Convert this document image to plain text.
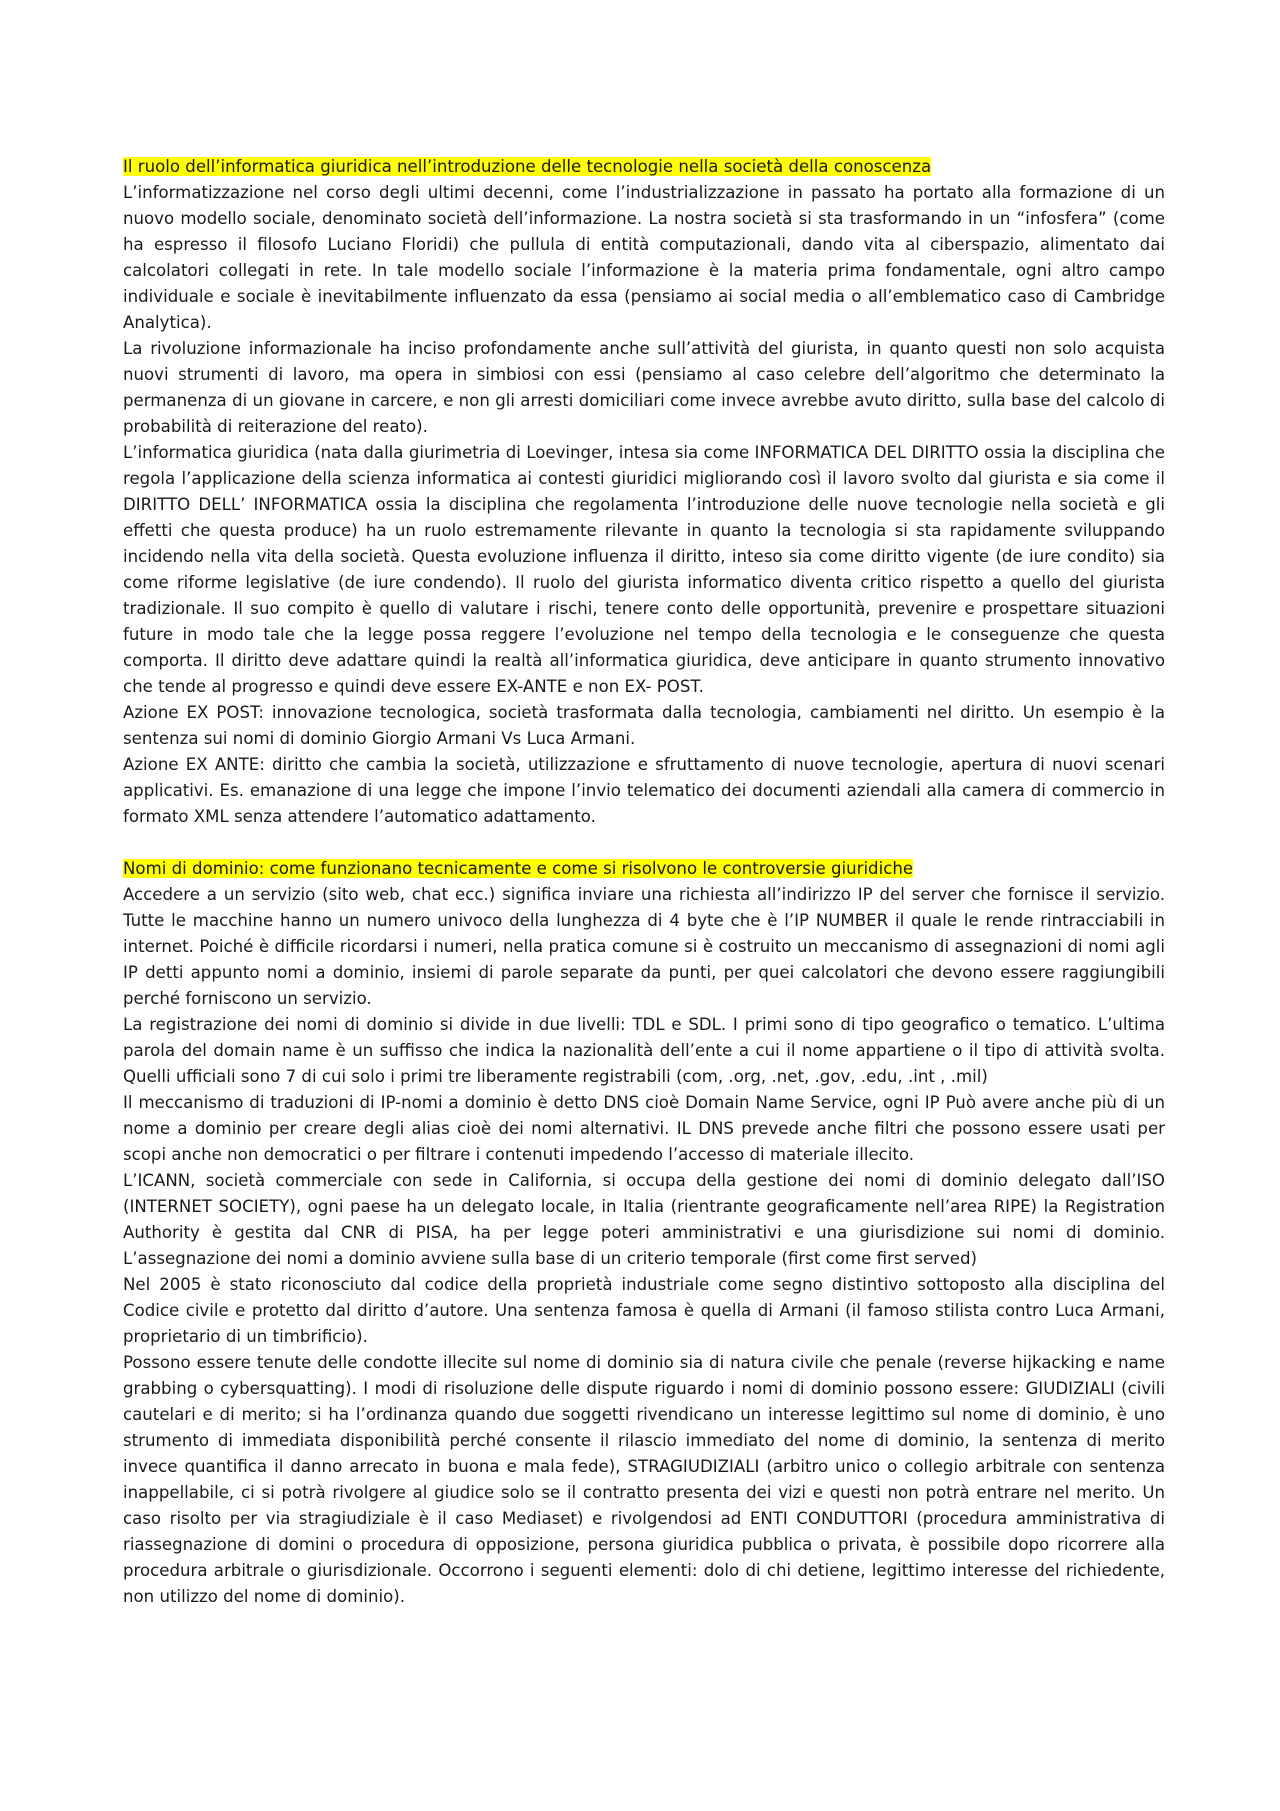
Il ruolo dell’informatica giuridica nell’introduzione delle tecnologie nella società della conoscenza

L’informatizzazione nel corso degli ultimi decenni, come l’industrializzazione in passato ha portato alla formazione di un nuovo modello sociale, denominato società dell’informazione. La nostra società si sta trasformando in un “infosfera” (come ha espresso il filosofo Luciano Floridi) che pullula di entità computazionali, dando vita al ciberspazio, alimentato dai calcolatori collegati in rete. In tale modello sociale l’informazione è la materia prima fondamentale, ogni altro campo individuale e sociale è inevitabilmente influenzato da essa (pensiamo ai social media o all’emblematico caso di Cambridge Analytica).

La rivoluzione informazionale ha inciso profondamente anche sull’attività del giurista, in quanto questi non solo acquista nuovi strumenti di lavoro, ma opera in simbiosi con essi (pensiamo al caso celebre dell’algoritmo che determinato la permanenza di un giovane in carcere, e non gli arresti domiciliari come invece avrebbe avuto diritto, sulla base del calcolo di probabilità di reiterazione del reato).

L’informatica giuridica (nata dalla giurimetria di Loevinger, intesa sia come INFORMATICA DEL DIRITTO ossia la disciplina che regola l’applicazione della scienza informatica ai contesti giuridici migliorando così il lavoro svolto dal giurista e sia come il DIRITTO DELL’ INFORMATICA ossia la disciplina che regolamenta l’introduzione delle nuove tecnologie nella società e gli effetti che questa produce) ha un ruolo estremamente rilevante in quanto la tecnologia si sta rapidamente sviluppando incidendo nella vita della società. Questa evoluzione influenza il diritto, inteso sia come diritto vigente (de iure condito) sia come riforme legislative (de iure condendo). Il ruolo del giurista informatico diventa critico rispetto a quello del giurista tradizionale. Il suo compito è quello di valutare i rischi, tenere conto delle opportunità, prevenire e prospettare situazioni future in modo tale che la legge possa reggere l’evoluzione nel tempo della tecnologia e le conseguenze che questa comporta. Il diritto deve adattare quindi la realtà all’informatica giuridica, deve anticipare in quanto strumento innovativo che tende al progresso e quindi deve essere EX-ANTE e non EX- POST.

Azione EX POST: innovazione tecnologica, società trasformata dalla tecnologia, cambiamenti nel diritto. Un esempio è la sentenza sui nomi di dominio Giorgio Armani Vs Luca Armani.

Azione EX ANTE: diritto che cambia la società, utilizzazione e sfruttamento di nuove tecnologie, apertura di nuovi scenari applicativi. Es. emanazione di una legge che impone l’invio telematico dei documenti aziendali alla camera di commercio in formato XML senza attendere l’automatico adattamento.

Nomi di dominio: come funzionano tecnicamente e come si risolvono le controversie giuridiche

Accedere a un servizio (sito web, chat ecc.) significa inviare una richiesta all’indirizzo IP del server che fornisce il servizio. Tutte le macchine hanno un numero univoco della lunghezza di 4 byte che è l’IP NUMBER il quale le rende rintracciabili in internet. Poiché è difficile ricordarsi i numeri, nella pratica comune si è costruito un meccanismo di assegnazioni di nomi agli IP detti appunto nomi a dominio, insiemi di parole separate da punti, per quei calcolatori che devono essere raggiungibili perché forniscono un servizio.

La registrazione dei nomi di dominio si divide in due livelli: TDL e SDL. I primi sono di tipo geografico o tematico. L’ultima parola del domain name è un suffisso che indica la nazionalità dell’ente a cui il nome appartiene o il tipo di attività svolta. Quelli ufficiali sono 7 di cui solo i primi tre liberamente registrabili (com, .org, .net, .gov, .edu, .int , .mil)

Il meccanismo di traduzioni di IP-nomi a dominio è detto DNS cioè Domain Name Service, ogni IP Può avere anche più di un nome a dominio per creare degli alias cioè dei nomi alternativi. IL DNS prevede anche filtri che possono essere usati per scopi anche non democratici o per filtrare i contenuti impedendo l’accesso di materiale illecito.

L’ICANN, società commerciale con sede in California, si occupa della gestione dei nomi di dominio delegato dall’ISO (INTERNET SOCIETY), ogni paese ha un delegato locale, in Italia (rientrante geograficamente nell’area RIPE) la Registration Authority è gestita dal CNR di PISA, ha per legge poteri amministrativi e una giurisdizione sui nomi di dominio. L’assegnazione dei nomi a dominio avviene sulla base di un criterio temporale (first come first served)

Nel 2005 è stato riconosciuto dal codice della proprietà industriale come segno distintivo sottoposto alla disciplina del Codice civile e protetto dal diritto d’autore. Una sentenza famosa è quella di Armani (il famoso stilista contro Luca Armani, proprietario di un timbrificio).

Possono essere tenute delle condotte illecite sul nome di dominio sia di natura civile che penale (reverse hijkacking e name grabbing o cybersquatting). I modi di risoluzione delle dispute riguardo i nomi di dominio possono essere: GIUDIZIALI (civili cautelari e di merito; si ha l’ordinanza quando due soggetti rivendicano un interesse legittimo sul nome di dominio, è uno strumento di immediata disponibilità perché consente il rilascio immediato del nome di dominio, la sentenza di merito invece quantifica il danno arrecato in buona e mala fede), STRAGIUDIZIALI (arbitro unico o collegio arbitrale con sentenza inappellabile, ci si potrà rivolgere al giudice solo se il contratto presenta dei vizi e questi non potrà entrare nel merito. Un caso risolto per via stragiudiziale è il caso Mediaset) e rivolgendosi ad ENTI CONDUTTORI (procedura amministrativa di riassegnazione di domini o procedura di opposizione, persona giuridica pubblica o privata, è possibile dopo ricorrere alla procedura arbitrale o giurisdizionale. Occorrono i seguenti elementi: dolo di chi detiene, legittimo interesse del richiedente, non utilizzo del nome di dominio).
